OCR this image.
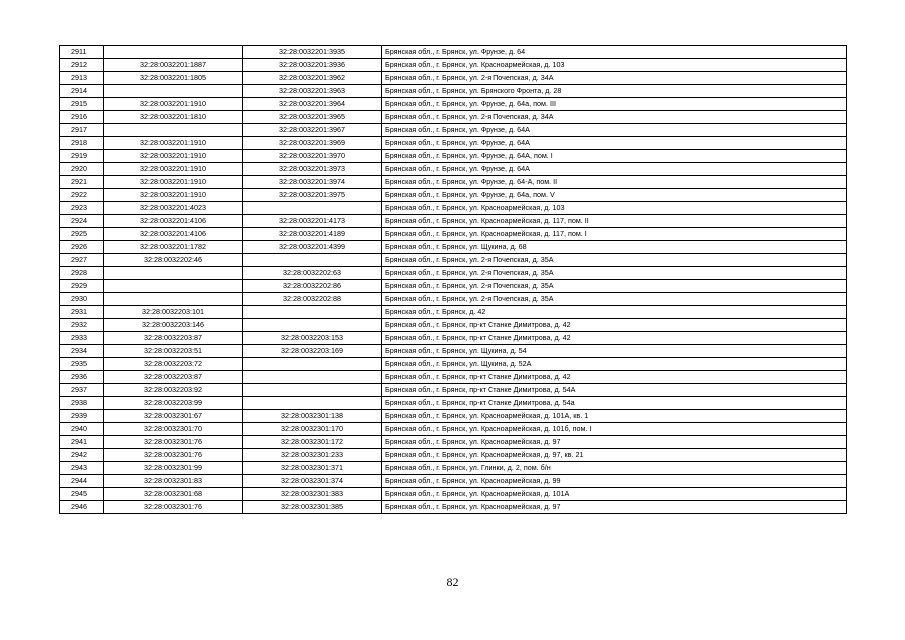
2911		32:28:0032201:3935	Брянская обл., г. Брянск, ул. Фрунзе, д. 64
2912	32:28:0032201:1887	32:28:0032201:3936	Брянская обл., г. Брянск, ул. Красноармейская, д. 103
2913	32:28:0032201:1805	32:28:0032201:3962	Брянская обл., г. Брянск, ул. 2-я Почепская, д. 34А
2914		32:28:0032201:3963	Брянская обл., г. Брянск, ул. Брянского Фронта, д. 28
2915	32:28:0032201:1910	32:28:0032201:3964	Брянская обл., г. Брянск, ул. Фрунзе, д. 64а, пом. III
2916	32:28:0032201:1810	32:28:0032201:3965	Брянская обл., г. Брянск, ул. 2-я Почепская, д. 34А
2917		32:28:0032201:3967	Брянская обл., г. Брянск, ул. Фрунзе, д. 64А
2918	32:28:0032201:1910	32:28:0032201:3969	Брянская обл., г. Брянск, ул. Фрунзе, д. 64А
2919	32:28:0032201:1910	32:28:0032201:3970	Брянская обл., г. Брянск, ул. Фрунзе, д. 64А, пом. I
2920	32:28:0032201:1910	32:28:0032201:3973	Брянская обл., г. Брянск, ул. Фрунзе, д. 64А
2921	32:28:0032201:1910	32:28:0032201:3974	Брянская обл., г. Брянск, ул. Фрунзе, д. 64-А, пом. II
2922	32:28:0032201:1910	32:28:0032201:3975	Брянская обл., г. Брянск, ул. Фрунзе, д. 64а, пом. V
2923	32:28:0032201:4023		Брянская обл., г. Брянск, ул. Красноармейская, д. 103
2924	32:28:0032201:4106	32:28:0032201:4173	Брянская обл., г. Брянск, ул. Красноармейская, д. 117, пом. II
2925	32:28:0032201:4106	32:28:0032201:4189	Брянская обл., г. Брянск, ул. Красноармейская, д. 117, пом. I
2926	32:28:0032201:1782	32:28:0032201:4399	Брянская обл., г. Брянск, ул. Щукина, д. 68
2927	32:28:0032202:46		Брянская обл., г. Брянск, ул. 2-я Почепская, д. 35А
2928		32:28:0032202:63	Брянская обл., г. Брянск, ул. 2-я Почепская, д. 35А
2929		32:28:0032202:86	Брянская обл., г. Брянск, ул. 2-я Почепская, д. 35А
2930		32:28:0032202:88	Брянская обл., г. Брянск, ул. 2-я Почепская, д. 35А
2931	32:28:0032203:101		Брянская обл., г. Брянск, д. 42
2932	32:28:0032203:146		Брянская обл., г. Брянск, пр-кт Станке Димитрова, д. 42
2933	32:28:0032203:87	32:28:0032203:153	Брянская обл., г. Брянск, пр-кт Станке Димитрова, д. 42
2934	32:28:0032203:51	32:28:0032203:169	Брянская обл., г. Брянск, ул. Щукина, д. 54
2935	32:28:0032203:72		Брянская обл., г. Брянск, ул. Щукина, д. 52А
2936	32:28:0032203:87		Брянская обл., г. Брянск, пр-кт Станке Димитрова, д. 42
2937	32:28:0032203:92		Брянская обл., г. Брянск, пр-кт Станке Димитрова, д. 54А
2938	32:28:0032203:99		Брянская обл., г. Брянск, пр-кт Станке Димитрова, д. 54а
2939	32:28:0032301:67	32:28:0032301:138	Брянская обл., г. Брянск, ул. Красноармейская, д. 101А, кв. 1
2940	32:28:0032301:70	32:28:0032301:170	Брянская обл., г. Брянск, ул. Красноармейская, д. 101б, пом. I
2941	32:28:0032301:76	32:28:0032301:172	Брянская обл., г. Брянск, ул. Красноармейская, д. 97
2942	32:28:0032301:76	32:28:0032301:233	Брянская обл., г. Брянск, ул. Красноармейская, д. 97, кв. 21
2943	32:28:0032301:99	32:28:0032301:371	Брянская обл., г. Брянск, ул. Глинки, д. 2, пом. б/н
2944	32:28:0032301:83	32:28:0032301:374	Брянская обл., г. Брянск, ул. Красноармейская, д. 99
2945	32:28:0032301:68	32:28:0032301:383	Брянская обл., г. Брянск, ул. Красноармейская, д. 101А
2946	32:28:0032301:76	32:28:0032301:385	Брянская обл., г. Брянск, ул. Красноармейская, д. 97
82
